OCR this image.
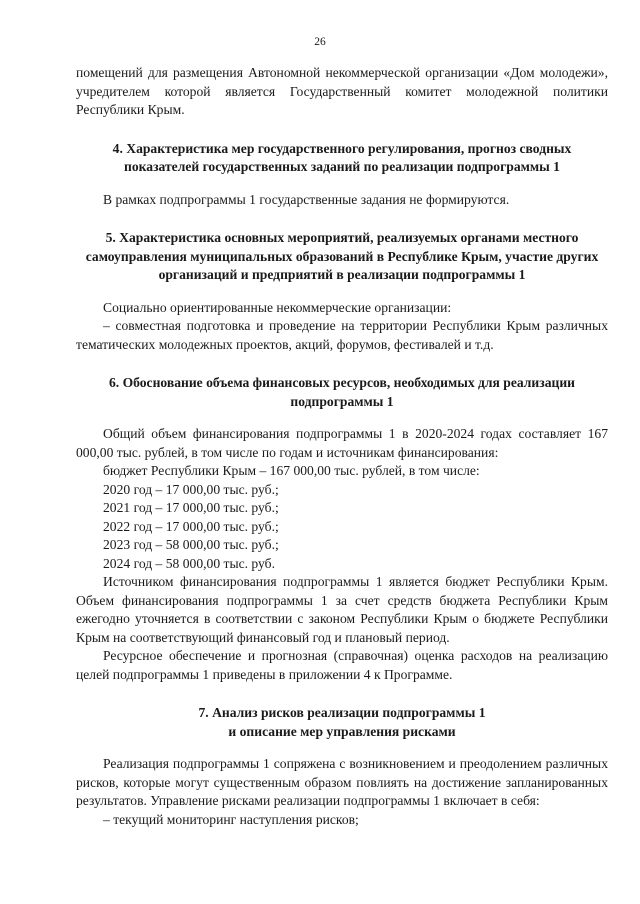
26

помещений для размещения Автономной некоммерческой организации «Дом молодежи», учредителем которой является Государственный комитет молодежной политики Республики Крым.

4. Характеристика мер государственного регулирования, прогноз сводных показателей государственных заданий по реализации подпрограммы 1

В рамках подпрограммы 1 государственные задания не формируются.

5. Характеристика основных мероприятий, реализуемых органами местного самоуправления муниципальных образований в Республике Крым, участие других организаций и предприятий в реализации подпрограммы 1

Социально ориентированные некоммерческие организации:

– совместная подготовка и проведение на территории Республики Крым различных тематических молодежных проектов, акций, форумов, фестивалей и т.д.

6. Обоснование объема финансовых ресурсов, необходимых для реализации подпрограммы 1

Общий объем финансирования подпрограммы 1 в 2020-2024 годах составляет 167 000,00 тыс. рублей, в том числе по годам и источникам финансирования:

бюджет Республики Крым – 167 000,00 тыс. рублей, в том числе:

2020 год – 17 000,00 тыс. руб.;

2021 год – 17 000,00 тыс. руб.;

2022 год – 17 000,00 тыс. руб.;

2023 год – 58 000,00 тыс. руб.;

2024 год – 58 000,00 тыс. руб.

Источником финансирования подпрограммы 1 является бюджет Республики Крым. Объем финансирования подпрограммы 1 за счет средств бюджета Республики Крым ежегодно уточняется в соответствии с законом Республики Крым о бюджете Республики Крым на соответствующий финансовый год и плановый период.

Ресурсное обеспечение и прогнозная (справочная) оценка расходов на реализацию целей подпрограммы 1 приведены в приложении 4 к Программе.

7. Анализ рисков реализации подпрограммы 1

и описание мер управления рисками

Реализация подпрограммы 1 сопряжена с возникновением и преодолением различных рисков, которые могут существенным образом повлиять на достижение запланированных результатов. Управление рисками реализации подпрограммы 1 включает в себя:

– текущий мониторинг наступления рисков;
